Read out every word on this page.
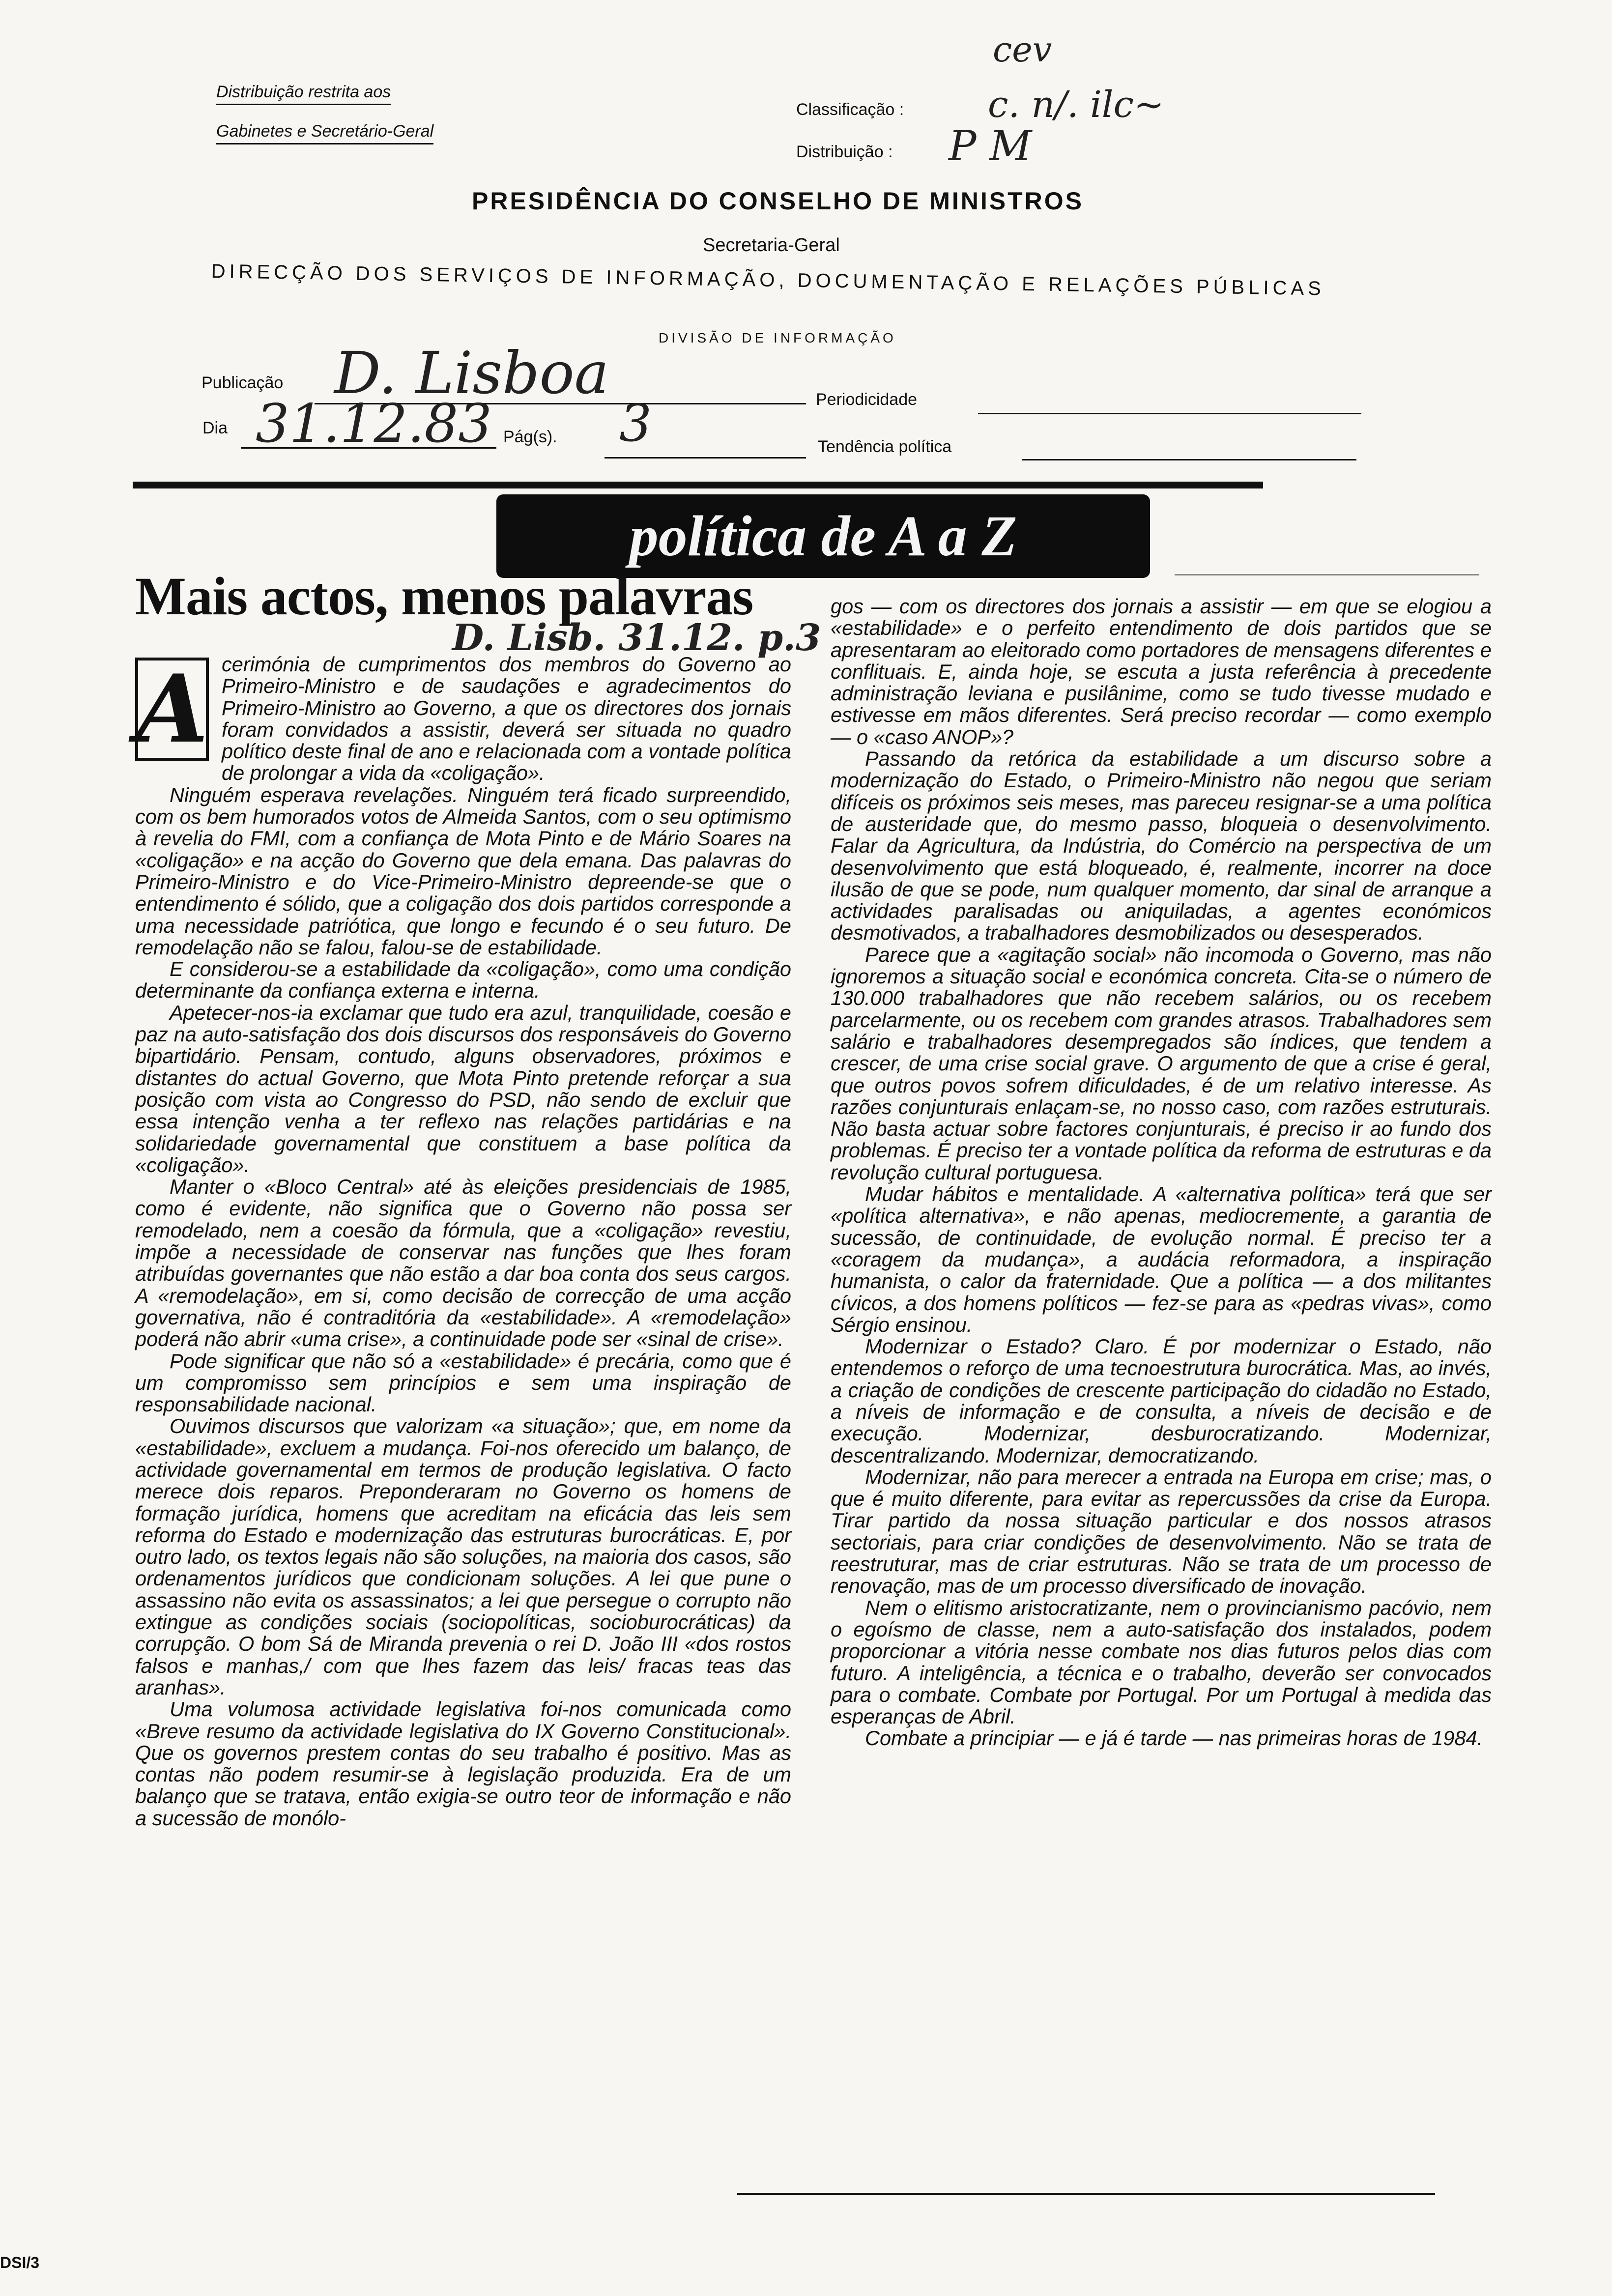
Distribuição restrita aos
Gabinetes e Secretário-Geral
cev
Classificação : c. n/. ilc~
Distribuição : P M
PRESIDÊNCIA DO CONSELHO DE MINISTROS
Secretaria-Geral
DIRECÇÃO DOS SERVIÇOS DE INFORMAÇÃO, DOCUMENTAÇÃO E RELAÇÕES PÚBLICAS
DIVISÃO DE INFORMAÇÃO
Publicação D. Lisboa	Periodicidade
Dia 31.12.83 Pág(s). 3	Tendência política
política de A a Z
Mais actos, menos palavras
D. Lisb. 31.12. p.3
A cerimónia de cumprimentos dos membros do Governo ao Primeiro-Ministro e de saudações e agradecimentos do Primeiro-Ministro ao Governo, a que os directores dos jornais foram convidados a assistir, deverá ser situada no quadro político deste final de ano e relacionada com a vontade política de prolongar a vida da «coligação».

Ninguém esperava revelações. Ninguém terá ficado surpreendido, com os bem humorados votos de Almeida Santos, com o seu optimismo à revelia do FMI, com a confiança de Mota Pinto e de Mário Soares na «coligação» e na acção do Governo que dela emana. Das palavras do Primeiro-Ministro e do Vice-Primeiro-Ministro depreende-se que o entendimento é sólido, que a coligação dos dois partidos corresponde a uma necessidade patriótica, que longo e fecundo é o seu futuro. De remodelação não se falou, falou-se de estabilidade.

E considerou-se a estabilidade da «coligação», como uma condição determinante da confiança externa e interna.

Apetecer-nos-ia exclamar que tudo era azul, tranquilidade, coesão e paz na auto-satisfação dos dois discursos dos responsáveis do Governo bipartidário. Pensam, contudo, alguns observadores, próximos e distantes do actual Governo, que Mota Pinto pretende reforçar a sua posição com vista ao Congresso do PSD, não sendo de excluir que essa intenção venha a ter reflexo nas relações partidárias e na solidariedade governamental que constituem a base política da «coligação».

Manter o «Bloco Central» até às eleições presidenciais de 1985, como é evidente, não significa que o Governo não possa ser remodelado, nem a coesão da fórmula, que a «coligação» revestiu, impõe a necessidade de conservar nas funções que lhes foram atribuídas governantes que não estão a dar boa conta dos seus cargos. A «remodelação», em si, como decisão de correcção de uma acção governativa, não é contraditória da «estabilidade». A «remodelação» poderá não abrir «uma crise», a continuidade pode ser «sinal de crise».

Pode significar que não só a «estabilidade» é precária, como que é um compromisso sem princípios e sem uma inspiração de responsabilidade nacional.

Ouvimos discursos que valorizam «a situação»; que, em nome da «estabilidade», excluem a mudança. Foi-nos oferecido um balanço, de actividade governamental em termos de produção legislativa. O facto merece dois reparos. Preponderaram no Governo os homens de formação jurídica, homens que acreditam na eficácia das leis sem reforma do Estado e modernização das estruturas burocráticas. E, por outro lado, os textos legais não são soluções, na maioria dos casos, são ordenamentos jurídicos que condicionam soluções. A lei que pune o assassino não evita os assassinatos; a lei que persegue o corrupto não extingue as condições sociais (sociopolíticas, socioburocráticas) da corrupção. O bom Sá de Miranda prevenia o rei D. João III «dos rostos falsos e manhas,/ com que lhes fazem das leis/ fracas teas das aranhas».

Uma volumosa actividade legislativa foi-nos comunicada como «Breve resumo da actividade legislativa do IX Governo Constitucional». Que os governos prestem contas do seu trabalho é positivo. Mas as contas não podem resumir-se à legislação produzida. Era de um balanço que se tratava, então exigia-se outro teor de informação e não a sucessão de monólo-

gos — com os directores dos jornais a assistir — em que se elogiou a «estabilidade» e o perfeito entendimento de dois partidos que se apresentaram ao eleitorado como portadores de mensagens diferentes e conflituais. E, ainda hoje, se escuta a justa referência à precedente administração leviana e pusilânime, como se tudo tivesse mudado e estivesse em mãos diferentes. Será preciso recordar — como exemplo — o «caso ANOP»?

Passando da retórica da estabilidade a um discurso sobre a modernização do Estado, o Primeiro-Ministro não negou que seriam difíceis os próximos seis meses, mas pareceu resignar-se a uma política de austeridade que, do mesmo passo, bloqueia o desenvolvimento. Falar da Agricultura, da Indústria, do Comércio na perspectiva de um desenvolvimento que está bloqueado, é, realmente, incorrer na doce ilusão de que se pode, num qualquer momento, dar sinal de arranque a actividades paralisadas ou aniquiladas, a agentes económicos desmotivados, a trabalhadores desmobilizados ou desesperados.

Parece que a «agitação social» não incomoda o Governo, mas não ignoremos a situação social e económica concreta. Cita-se o número de 130.000 trabalhadores que não recebem salários, ou os recebem parcelarmente, ou os recebem com grandes atrasos. Trabalhadores sem salário e trabalhadores desempregados são índices, que tendem a crescer, de uma crise social grave. O argumento de que a crise é geral, que outros povos sofrem dificuldades, é de um relativo interesse. As razões conjunturais enlaçam-se, no nosso caso, com razões estruturais. Não basta actuar sobre factores conjunturais, é preciso ir ao fundo dos problemas. É preciso ter a vontade política da reforma de estruturas e da revolução cultural portuguesa.

Mudar hábitos e mentalidade. A «alternativa política» terá que ser «política alternativa», e não apenas, mediocremente, a garantia de sucessão, de continuidade, de evolução normal. É preciso ter a «coragem da mudança», a audácia reformadora, a inspiração humanista, o calor da fraternidade. Que a política — a dos militantes cívicos, a dos homens políticos — fez-se para as «pedras vivas», como Sérgio ensinou.

Modernizar o Estado? Claro. É por modernizar o Estado, não entendemos o reforço de uma tecnoestrutura burocrática. Mas, ao invés, a criação de condições de crescente participação do cidadão no Estado, a níveis de informação e de consulta, a níveis de decisão e de execução. Modernizar, desburocratizando. Modernizar, descentralizando. Modernizar, democratizando.

Modernizar, não para merecer a entrada na Europa em crise; mas, o que é muito diferente, para evitar as repercussões da crise da Europa. Tirar partido da nossa situação particular e dos nossos atrasos sectoriais, para criar condições de desenvolvimento. Não se trata de reestruturar, mas de criar estruturas. Não se trata de um processo de renovação, mas de um processo diversificado de inovação.

Nem o elitismo aristocratizante, nem o provincianismo pacóvio, nem o egoísmo de classe, nem a auto-satisfação dos instalados, podem proporcionar a vitória nesse combate nos dias futuros pelos dias com futuro. A inteligência, a técnica e o trabalho, deverão ser convocados para o combate. Combate por Portugal. Por um Portugal à medida das esperanças de Abril.

Combate a principiar — e já é tarde — nas primeiras horas de 1984.

DSI/3
